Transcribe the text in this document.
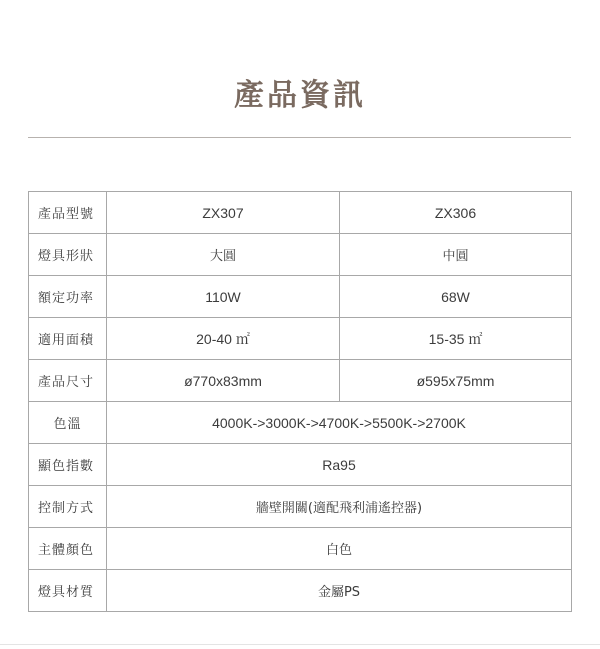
產品資訊
產品型號	ZX307	ZX306
燈具形狀	大圓	中圓
額定功率	110W	68W
適用面積	20-40 ㎡	15-35 ㎡
產品尺寸	ø770x83mm	ø595x75mm
色溫	4000K->3000K->4700K->5500K->2700K	
顯色指數	Ra95	
控制方式	牆壁開關(適配飛利浦遙控器)	
主體顏色	白色	
燈具材質	金屬PS	
